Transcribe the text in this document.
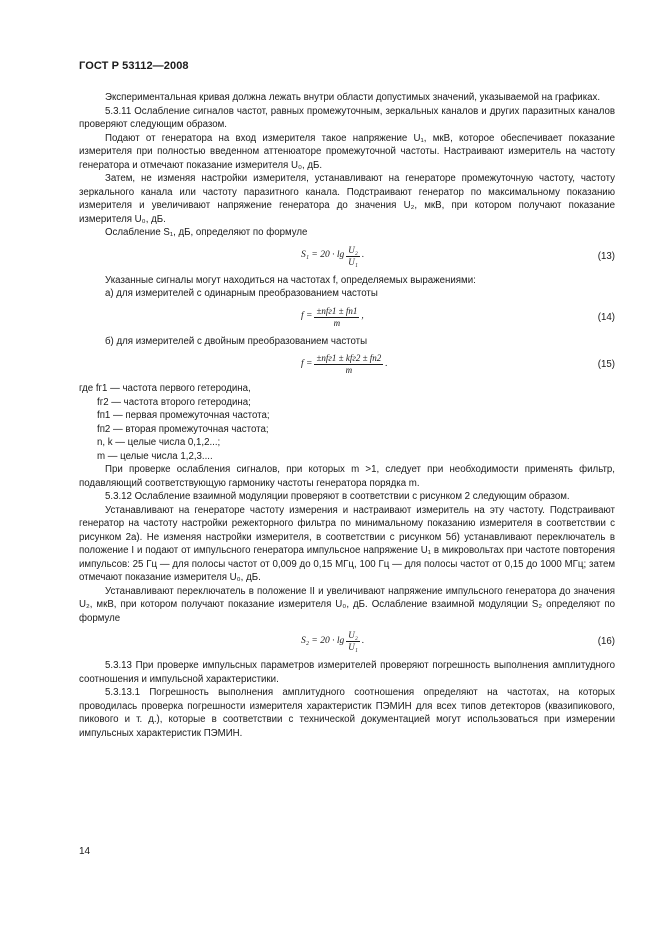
ГОСТ Р 53112—2008

Экспериментальная кривая должна лежать внутри области допустимых значений, указываемой на графиках.

5.3.11 Ослабление сигналов частот, равных промежуточным, зеркальных каналов и других паразитных каналов проверяют следующим образом.

Подают от генератора на вход измерителя такое напряжение U₁, мкВ, которое обеспечивает показание измерителя при полностью введенном аттенюаторе промежуточной частоты. Настраивают измеритель на частоту генератора и отмечают показание измерителя U₀, дБ.

Затем, не изменяя настройки измерителя, устанавливают на генераторе промежуточную частоту, частоту зеркального канала или частоту паразитного канала. Подстраивают генератор по максимальному показанию измерителя и увеличивают напряжение генератора до значения U₂, мкВ, при котором получают показание измерителя U₀, дБ.

Ослабление S₁, дБ, определяют по формуле

$S_1 = 20 \cdot \lg \frac{\text{U₂}}{\text{U₁}}$ .	(13)

Указанные сигналы могут находиться на частотах f, определяемых выражениями:

а) для измерителей с одинарным преобразованием частоты

$f = \frac{\text{±nfг1 ± fп1}}{m}$ ,	(14)

б) для измерителей с двойным преобразованием частоты

$f = \frac{\text{±nfг1 ± kfг2 ± fп2}}{m}$ .	(15)

где fг1 — частота первого гетеродина,

fг2 — частота второго гетеродина;

fп1 — первая промежуточная частота;

fп2 — вторая промежуточная частота;

n, k — целые числа 0,1,2...;

m — целые числа 1,2,3....

При проверке ослабления сигналов, при которых m >1, следует при необходимости применять фильтр, подавляющий соответствующую гармонику частоты генератора порядка m.

5.3.12 Ослабление взаимной модуляции проверяют в соответствии с рисунком 2 следующим образом.

Устанавливают на генераторе частоту измерения и настраивают измеритель на эту частоту. Подстраивают генератор на частоту настройки режекторного фильтра по минимальному показанию измерителя в соответствии с рисунком 2а). Не изменяя настройки измерителя, в соответствии с рисунком 5б) устанавливают переключатель в положение I и подают от импульсного генератора импульсное напряжение U₁ в микровольтах при частоте повторения импульсов: 25 Гц — для полосы частот от 0,009 до 0,15 МГц, 100 Гц — для полосы частот от 0,15 до 1000 МГц; затем отмечают показание измерителя U₀, дБ.

Устанавливают переключатель в положение II и увеличивают напряжение импульсного генератора до значения U₂, мкВ, при котором получают показание измерителя U₀, дБ. Ослабление взаимной модуляции S₂ определяют по формуле

$S_2 = 20 \cdot \lg \frac{\text{U₂}}{\text{U₁}}$ .	(16)

5.3.13 При проверке импульсных параметров измерителей проверяют погрешность выполнения амплитудного соотношения и импульсной характеристики.

5.3.13.1 Погрешность выполнения амплитудного соотношения определяют на частотах, на которых проводилась проверка погрешности измерителя характеристик ПЭМИН для всех типов детекторов (квазипикового, пикового и т. д.), которые в соответствии с технической документацией могут использоваться при измерении импульсных характеристик ПЭМИН.

14
